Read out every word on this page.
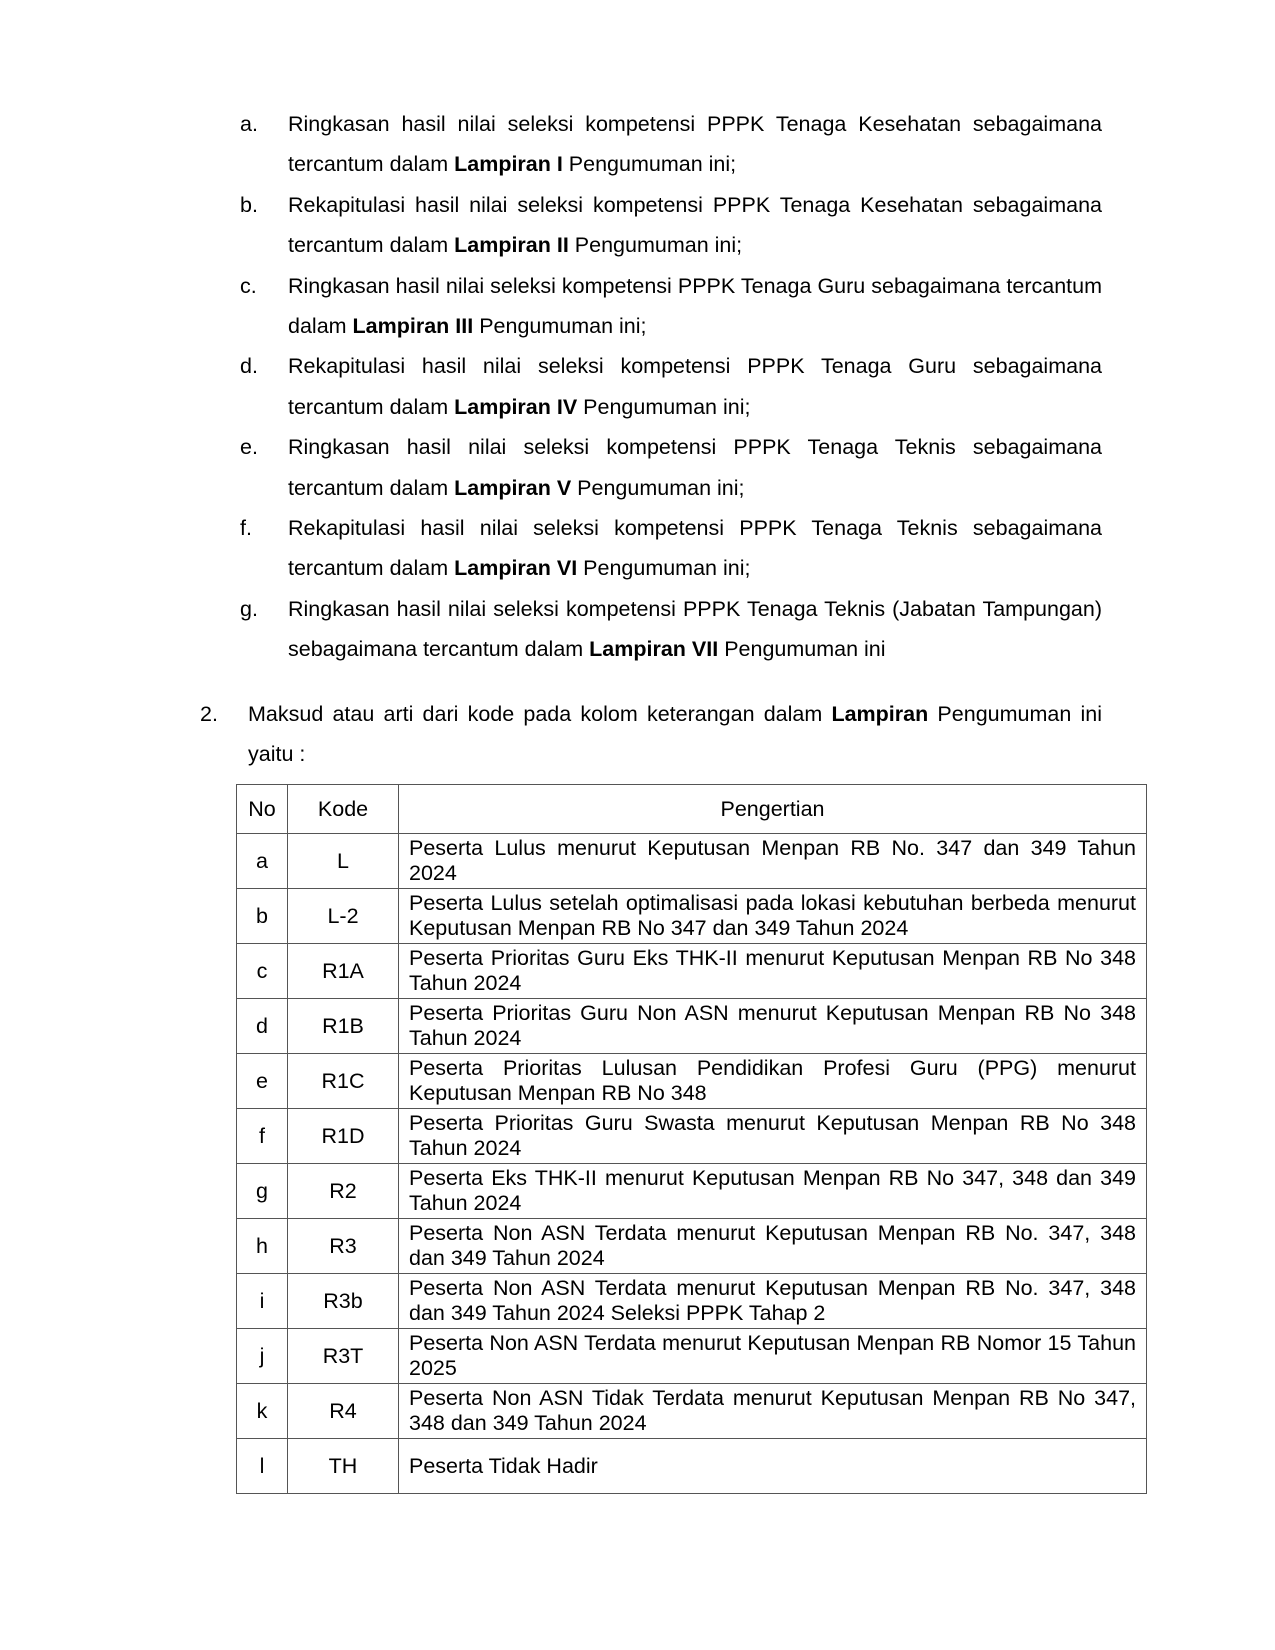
a. Ringkasan hasil nilai seleksi kompetensi PPPK Tenaga Kesehatan sebagaimana tercantum dalam Lampiran I Pengumuman ini;
b. Rekapitulasi hasil nilai seleksi kompetensi PPPK Tenaga Kesehatan sebagaimana tercantum dalam Lampiran II Pengumuman ini;
c. Ringkasan hasil nilai seleksi kompetensi PPPK Tenaga Guru sebagaimana tercantum dalam Lampiran III Pengumuman ini;
d. Rekapitulasi hasil nilai seleksi kompetensi PPPK Tenaga Guru sebagaimana tercantum dalam Lampiran IV Pengumuman ini;
e. Ringkasan hasil nilai seleksi kompetensi PPPK Tenaga Teknis sebagaimana tercantum dalam Lampiran V Pengumuman ini;
f. Rekapitulasi hasil nilai seleksi kompetensi PPPK Tenaga Teknis sebagaimana tercantum dalam Lampiran VI Pengumuman ini;
g. Ringkasan hasil nilai seleksi kompetensi PPPK Tenaga Teknis (Jabatan Tampungan) sebagaimana tercantum dalam Lampiran VII Pengumuman ini
2.	Maksud atau arti dari kode pada kolom keterangan dalam Lampiran Pengumuman ini yaitu :
No	Kode	Pengertian
a	L	Peserta Lulus menurut Keputusan Menpan RB No. 347 dan 349 Tahun 2024
b	L-2	Peserta Lulus setelah optimalisasi pada lokasi kebutuhan berbeda menurut Keputusan Menpan RB No 347 dan 349 Tahun 2024
c	R1A	Peserta Prioritas Guru Eks THK-II menurut Keputusan Menpan RB No 348 Tahun 2024
d	R1B	Peserta Prioritas Guru Non ASN menurut Keputusan Menpan RB No 348 Tahun 2024
e	R1C	Peserta Prioritas Lulusan Pendidikan Profesi Guru (PPG) menurut Keputusan Menpan RB No 348
f	R1D	Peserta Prioritas Guru Swasta menurut Keputusan Menpan RB No 348 Tahun 2024
g	R2	Peserta Eks THK-II menurut Keputusan Menpan RB No 347, 348 dan 349 Tahun 2024
h	R3	Peserta Non ASN Terdata menurut Keputusan Menpan RB No. 347, 348 dan 349 Tahun 2024
i	R3b	Peserta Non ASN Terdata menurut Keputusan Menpan RB No. 347, 348 dan 349 Tahun 2024 Seleksi PPPK Tahap 2
j	R3T	Peserta Non ASN Terdata menurut Keputusan Menpan RB Nomor 15 Tahun 2025
k	R4	Peserta Non ASN Tidak Terdata menurut Keputusan Menpan RB No 347, 348 dan 349 Tahun 2024
l	TH	Peserta Tidak Hadir
